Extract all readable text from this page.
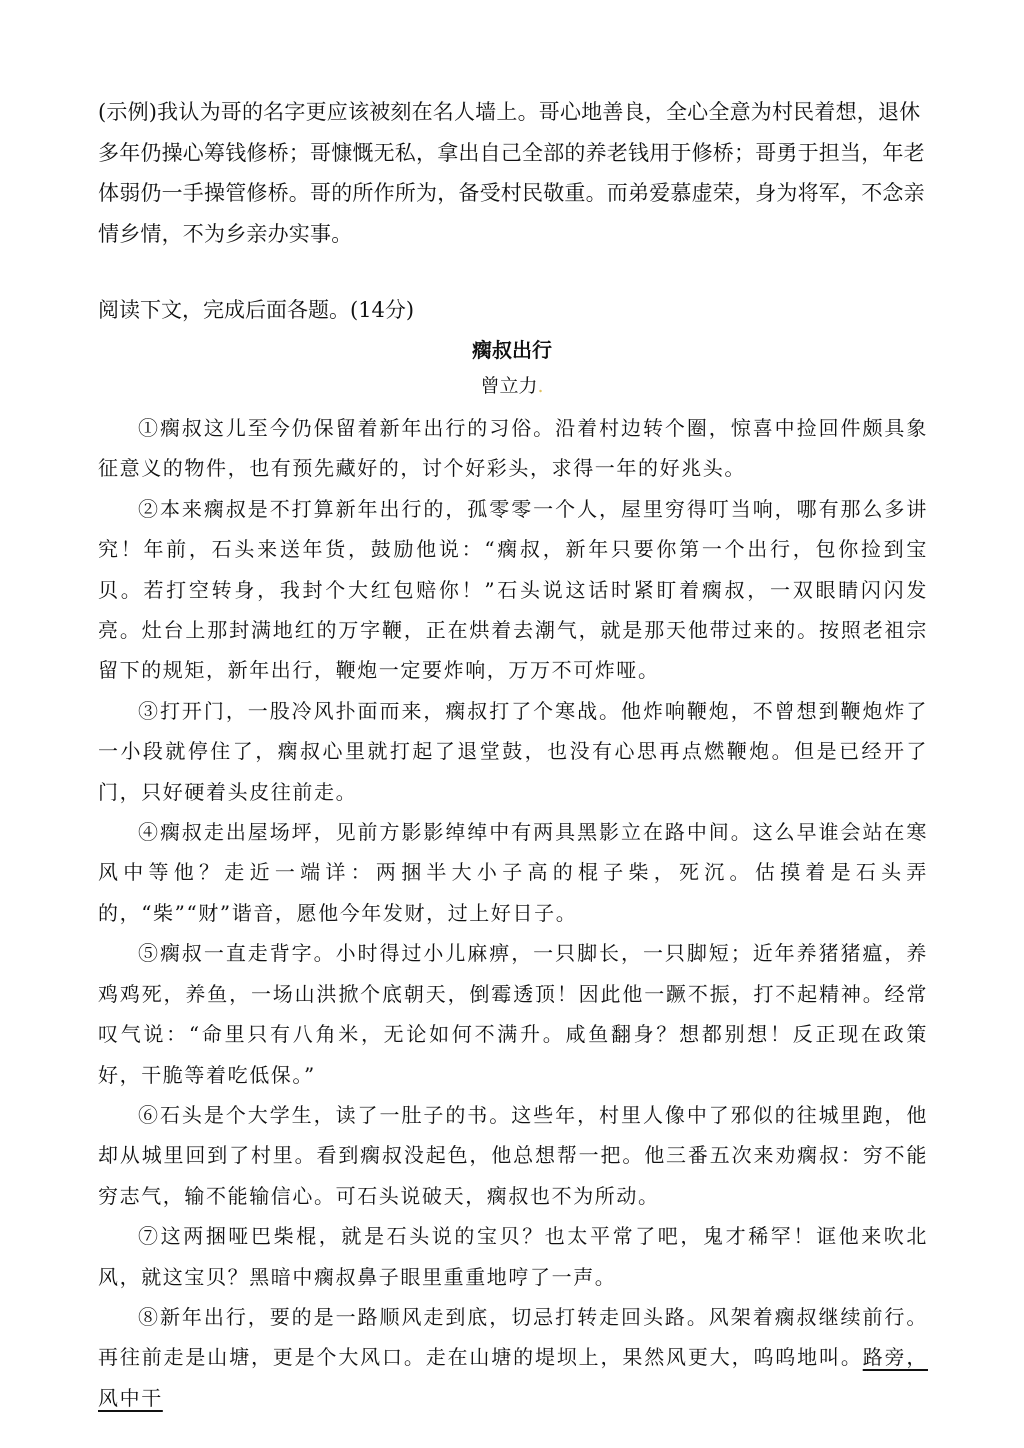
(示例)我认为哥的名字更应该被刻在名人墙上。哥心地善良，全心全意为村民着想，退休多年仍操心筹钱修桥；哥慷慨无私，拿出自己全部的养老钱用于修桥；哥勇于担当，年老体弱仍一手操管修桥。哥的所作所为，备受村民敬重。而弟爱慕虚荣，身为将军，不念亲情乡情，不为乡亲办实事。

阅读下文，完成后面各题。(14分)

瘸叔出行
曾立力.

①瘸叔这儿至今仍保留着新年出行的习俗。沿着村边转个圈，惊喜中捡回件颇具象征意义的物件，也有预先藏好的，讨个好彩头，求得一年的好兆头。

②本来瘸叔是不打算新年出行的，孤零零一个人，屋里穷得叮当响，哪有那么多讲究！年前，石头来送年货，鼓励他说：“瘸叔，新年只要你第一个出行，包你捡到宝贝。若打空转身，我封个大红包赔你！”石头说这话时紧盯着瘸叔，一双眼睛闪闪发亮。灶台上那封满地红的万字鞭，正在烘着去潮气，就是那天他带过来的。按照老祖宗留下的规矩，新年出行，鞭炮一定要炸响，万万不可炸哑。

③打开门，一股冷风扑面而来，瘸叔打了个寒战。他炸响鞭炮，不曾想到鞭炮炸了一小段就停住了，瘸叔心里就打起了退堂鼓，也没有心思再点燃鞭炮。但是已经开了门，只好硬着头皮往前走。

④瘸叔走出屋场坪，见前方影影绰绰中有两具黑影立在路中间。这么早谁会站在寒风中等他？走近一端详：两捆半大小子高的棍子柴，死沉。估摸着是石头弄的，“柴”“财”谐音，愿他今年发财，过上好日子。

⑤瘸叔一直走背字。小时得过小儿麻痹，一只脚长，一只脚短；近年养猪猪瘟，养鸡鸡死，养鱼，一场山洪掀个底朝天，倒霉透顶！因此他一蹶不振，打不起精神。经常叹气说：“命里只有八角米，无论如何不满升。咸鱼翻身？想都别想！反正现在政策好，干脆等着吃低保。”

⑥石头是个大学生，读了一肚子的书。这些年，村里人像中了邪似的往城里跑，他却从城里回到了村里。看到瘸叔没起色，他总想帮一把。他三番五次来劝瘸叔：穷不能穷志气，输不能输信心。可石头说破天，瘸叔也不为所动。

⑦这两捆哑巴柴棍，就是石头说的宝贝？也太平常了吧，鬼才稀罕！诓他来吹北风，就这宝贝？黑暗中瘸叔鼻子眼里重重地哼了一声。

⑧新年出行，要的是一路顺风走到底，切忌打转走回头路。风架着瘸叔继续前行。再往前走是山塘，更是个大风口。走在山塘的堤坝上，果然风更大，呜呜地叫。路旁，风中干
